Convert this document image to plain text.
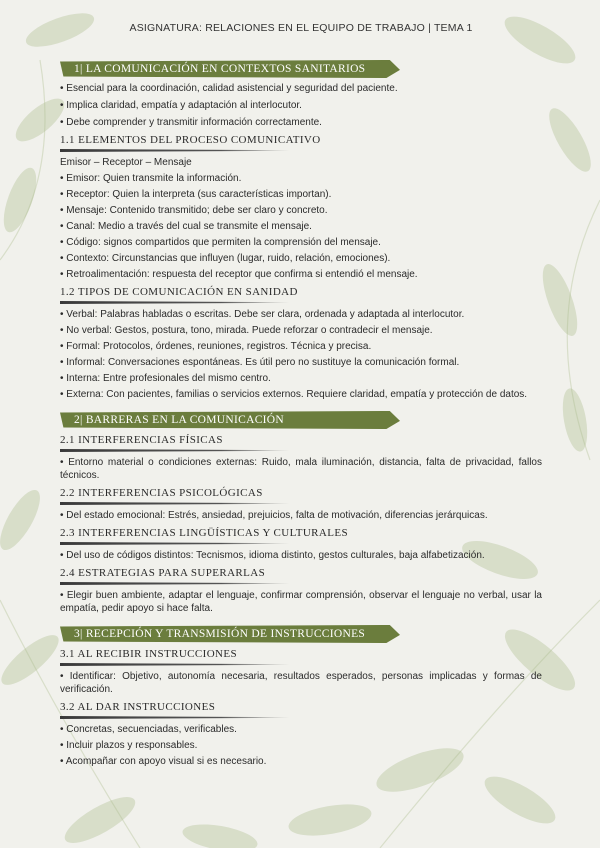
ASIGNATURA: RELACIONES EN EL EQUIPO DE TRABAJO | TEMA 1
1| LA COMUNICACIÓN EN CONTEXTOS SANITARIOS
• Esencial para la coordinación, calidad asistencial y seguridad del paciente.
• Implica claridad, empatía y adaptación al interlocutor.
• Debe comprender y transmitir información correctamente.
1.1 ELEMENTOS DEL PROCESO COMUNICATIVO
Emisor – Receptor – Mensaje
• Emisor: Quien transmite la información.
• Receptor: Quien la interpreta (sus características importan).
• Mensaje: Contenido transmitido; debe ser claro y concreto.
• Canal: Medio a través del cual se transmite el mensaje.
• Código: signos compartidos que permiten la comprensión del mensaje.
• Contexto: Circunstancias que influyen (lugar, ruido, relación, emociones).
• Retroalimentación: respuesta del receptor que confirma si entendió el mensaje.
1.2 TIPOS DE COMUNICACIÓN EN SANIDAD
• Verbal: Palabras habladas o escritas. Debe ser clara, ordenada y adaptada al interlocutor.
• No verbal: Gestos, postura, tono, mirada. Puede reforzar o contradecir el mensaje.
• Formal: Protocolos, órdenes, reuniones, registros. Técnica y precisa.
• Informal: Conversaciones espontáneas. Es útil pero no sustituye la comunicación formal.
• Interna: Entre profesionales del mismo centro.
• Externa: Con pacientes, familias o servicios externos. Requiere claridad, empatía y protección de datos.
2| BARRERAS EN LA COMUNICACIÓN
2.1 INTERFERENCIAS FÍSICAS
• Entorno material o condiciones externas: Ruido, mala iluminación, distancia, falta de privacidad, fallos técnicos.
2.2 INTERFERENCIAS PSICOLÓGICAS
• Del estado emocional: Estrés, ansiedad, prejuicios, falta de motivación, diferencias jerárquicas.
2.3 INTERFERENCIAS LINGÜÍSTICAS Y CULTURALES
• Del uso de códigos distintos: Tecnismos, idioma distinto, gestos culturales, baja alfabetización.
2.4 ESTRATEGIAS PARA SUPERARLAS
• Elegir buen ambiente, adaptar el lenguaje, confirmar comprensión, observar el lenguaje no verbal, usar la empatía, pedir apoyo si hace falta.
3| RECEPCIÓN Y TRANSMISIÓN DE INSTRUCCIONES
3.1 AL RECIBIR INSTRUCCIONES
• Identificar: Objetivo, autonomía necesaria, resultados esperados, personas implicadas y formas de verificación.
3.2 AL DAR INSTRUCCIONES
• Concretas, secuenciadas, verificables.
• Incluir plazos y responsables.
• Acompañar con apoyo visual si es necesario.
